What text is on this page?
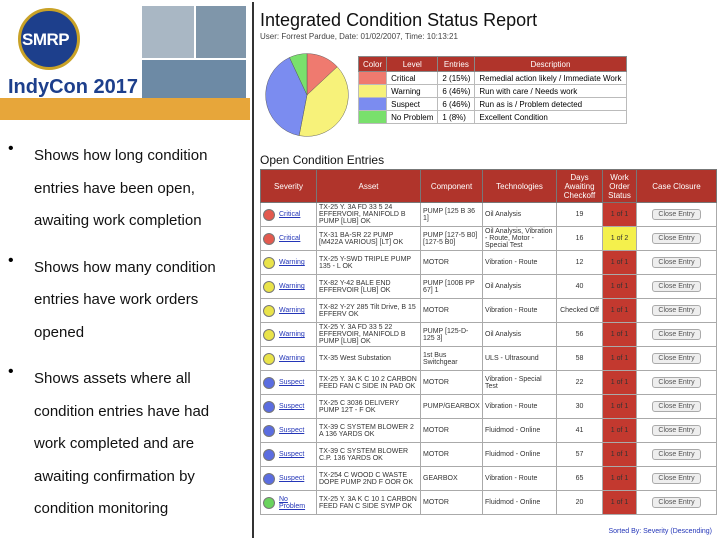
SMRP
IndyCon 2017
• Shows how long condition
entries have been open,
awaiting work completion
• Shows how many condition
entries have work orders
opened
• Shows assets where all
condition entries have had
work completed and are
awaiting confirmation by
condition monitoring
Integrated Condition Status Report
User: Forrest Pardue, Date: 01/02/2007, Time: 10:13:21
Color	Level	Entries	Description
	Critical	2 (15%)	Remedial action likely / Immediate Work
	Warning	6 (46%)	Run with care / Needs work
	Suspect	6 (46%)	Run as is / Problem detected
	No Problem	1 (8%)	Excellent Condition
Open Condition Entries
Severity	Asset	Component	Technologies	Days Awaiting Checkoff	Work Order Status	Case Closure

Critical	TX-25 Y. 3A FD 33 5 24 EFFERVOIR, MANIFOLD B PUMP [LUB] OK	PUMP [125 B 36 1]	Oil Analysis	19	1 of 1	Close Entry

Critical	TX-31 BA-SR 22 PUMP [M422A VARIOUS] [LT] OK	PUMP [127-5 B0] [127-5 B0]	Oil Analysis, Vibration - Route, Motor - Special Test	16	1 of 2	Close Entry

Warning	TX-25 Y-SWD TRIPLE PUMP 135 - L OK	MOTOR	Vibration - Route	12	1 of 1	Close Entry

Warning	TX-82 Y-42 BALE END EFFERVOIR [LUB] OK	PUMP [100B PP 67] 1	Oil Analysis	40	1 of 1	Close Entry

Warning	TX-82 Y-2Y 285 Tilt Drive, B 15 EFFERV OK	MOTOR	Vibration - Route	Checked Off	1 of 1	Close Entry

Warning	TX-25 Y. 3A FD 33 5 22 EFFERVOIR, MANIFOLD B PUMP [LUB] OK	PUMP [125-D-125 3]	Oil Analysis	56	1 of 1	Close Entry

Warning	TX-35 West Substation	1st Bus Switchgear	ULS - Ultrasound	58	1 of 1	Close Entry

Suspect	TX-25 Y. 3A K C 10 2 CARBON FEED FAN C SIDE IN PAD OK	MOTOR	Vibration - Special Test	22	1 of 1	Close Entry

Suspect	TX-25 C 3036 DELIVERY PUMP 12T - F OK	PUMP/GEARBOX	Vibration - Route	30	1 of 1	Close Entry

Suspect	TX-39 C SYSTEM BLOWER 2 A 136 YARDS OK	MOTOR	Fluidmod - Online	41	1 of 1	Close Entry

Suspect	TX-39 C SYSTEM BLOWER C.P. 136 YARDS OK	MOTOR	Fluidmod - Online	57	1 of 1	Close Entry

Suspect	TX-254 C WOOD C WASTE DOPE PUMP 2ND F OOR OK	GEARBOX	Vibration - Route	65	1 of 1	Close Entry

No Problem	TX-25 Y. 3A K C 10 1 CARBON FEED FAN C SIDE SYMP OK	MOTOR	Fluidmod - Online	20	1 of 1	Close Entry
Sorted By: Severity (Descending)
